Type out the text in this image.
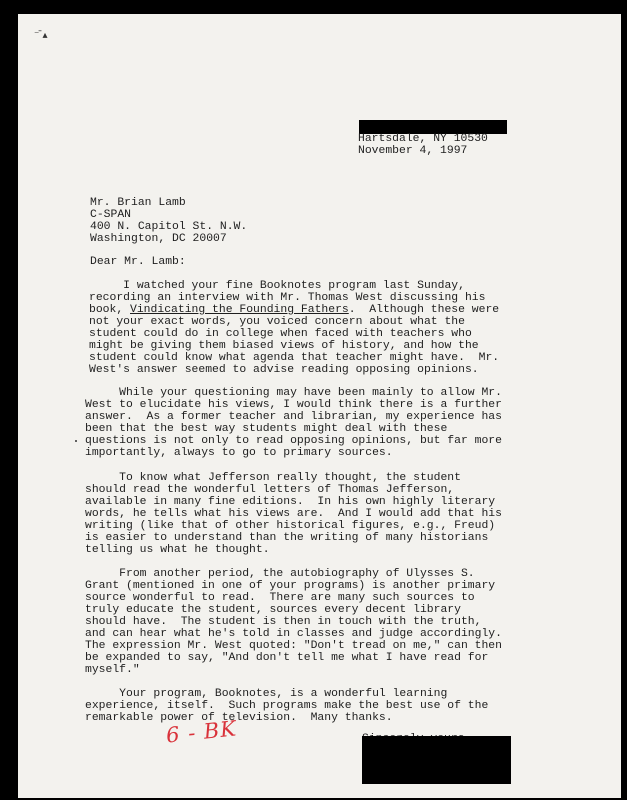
⁻ ̄▴
Hartsdale, NY 10530
November 4, 1997
Mr. Brian Lamb
C-SPAN
400 N. Capitol St. N.W.
Washington, DC 20007
Dear Mr. Lamb:
I watched your fine Booknotes program last Sunday,
recording an interview with Mr. Thomas West discussing his
book, Vindicating the Founding Fathers.  Although these were
not your exact words, you voiced concern about what the
student could do in college when faced with teachers who
might be giving them biased views of history, and how the
student could know what agenda that teacher might have.  Mr.
West's answer seemed to advise reading opposing opinions.
While your questioning may have been mainly to allow Mr.
West to elucidate his views, I would think there is a further
answer.  As a former teacher and librarian, my experience has
been that the best way students might deal with these
questions is not only to read opposing opinions, but far more
importantly, always to go to primary sources.
To know what Jefferson really thought, the student
should read the wonderful letters of Thomas Jefferson,
available in many fine editions.  In his own highly literary
words, he tells what his views are.  And I would add that his
writing (like that of other historical figures, e.g., Freud)
is easier to understand than the writing of many historians
telling us what he thought.
From another period, the autobiography of Ulysses S.
Grant (mentioned in one of your programs) is another primary
source wonderful to read.  There are many such sources to
truly educate the student, sources every decent library
should have.  The student is then in touch with the truth,
and can hear what he's told in classes and judge accordingly.
The expression Mr. West quoted: "Don't tread on me," can then
be expanded to say, "And don't tell me what I have read for
myself."
Your program, Booknotes, is a wonderful learning
experience, itself.  Such programs make the best use of the
remarkable power of television.  Many thanks.
6 - BK
